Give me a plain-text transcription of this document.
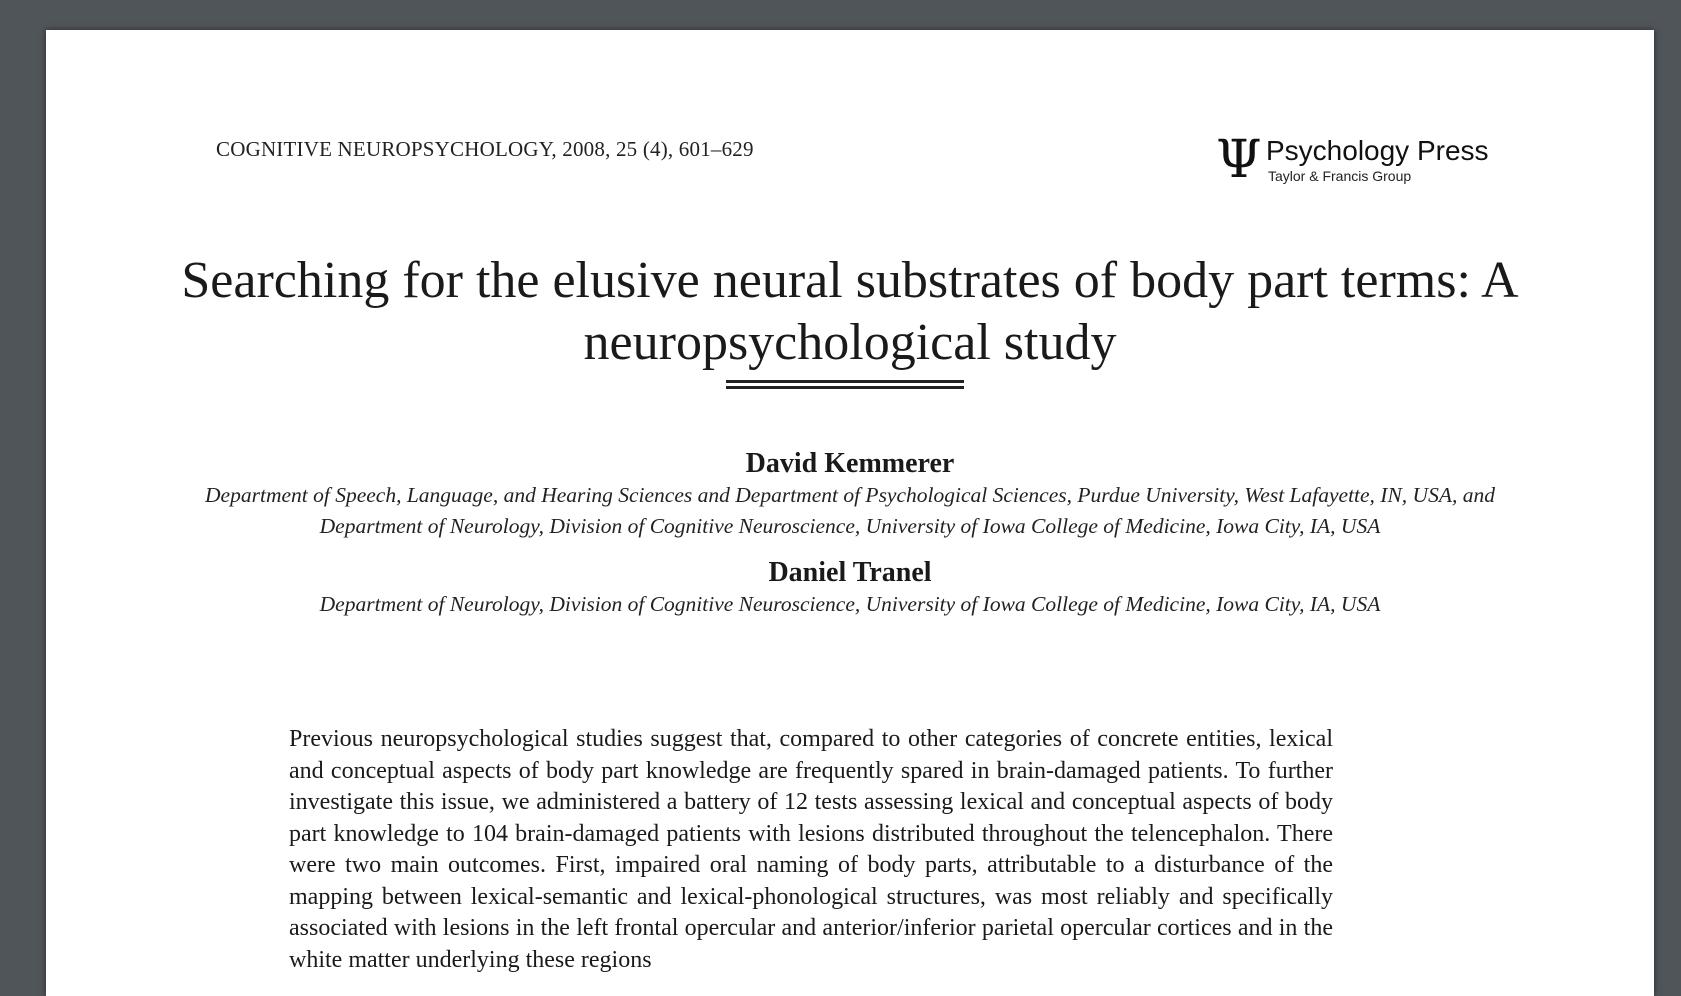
COGNITIVE NEUROPSYCHOLOGY, 2008, 25 (4), 601–629	Ψ Psychology Press
Taylor & Francis Group
Searching for the elusive neural substrates of body part terms: A neuropsychological study
David Kemmerer
Department of Speech, Language, and Hearing Sciences and Department of Psychological Sciences, Purdue University, West Lafayette, IN, USA, and Department of Neurology, Division of Cognitive Neuroscience, University of Iowa College of Medicine, Iowa City, IA, USA
Daniel Tranel
Department of Neurology, Division of Cognitive Neuroscience, University of Iowa College of Medicine, Iowa City, IA, USA
Previous neuropsychological studies suggest that, compared to other categories of concrete entities, lexical and conceptual aspects of body part knowledge are frequently spared in brain-damaged patients. To further investigate this issue, we administered a battery of 12 tests assessing lexical and conceptual aspects of body part knowledge to 104 brain-damaged patients with lesions distributed throughout the telencephalon. There were two main outcomes. First, impaired oral naming of body parts, attributable to a disturbance of the mapping between lexical-semantic and lexical-phonological structures, was most reliably and specifically associated with lesions in the left frontal opercular and anterior/inferior parietal opercular cortices and in the white matter underlying these regions
